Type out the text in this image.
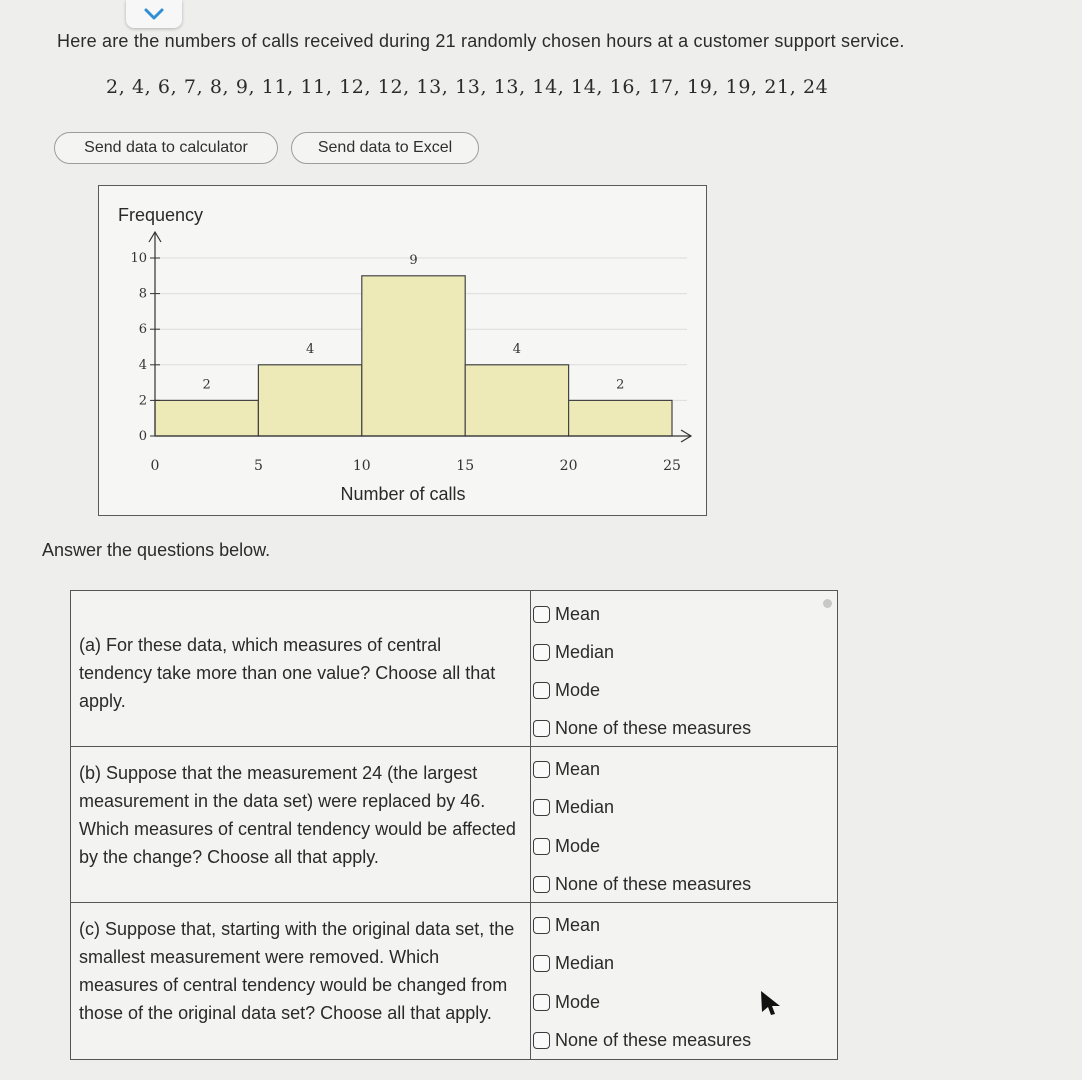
Here are the numbers of calls received during 21 randomly chosen hours at a customer support service.
2, 4, 6, 7, 8, 9, 11, 11, 12, 12, 13, 13, 13, 14, 14, 16, 17, 19, 19, 21, 24
Send data to calculator	Send data to Excel
Frequency
Number of calls
2
4
9
4
2
0
2
4
6
8
10
0	5	10	15	20	25
Answer the questions below.
(a) For these data, which measures of central tendency take more than one value? Choose all that apply.
Mean
Median
Mode
None of these measures
(b) Suppose that the measurement 24 (the largest measurement in the data set) were replaced by 46. Which measures of central tendency would be affected by the change? Choose all that apply.
Mean
Median
Mode
None of these measures
(c) Suppose that, starting with the original data set, the smallest measurement were removed. Which measures of central tendency would be changed from those of the original data set? Choose all that apply.
Mean
Median
Mode
None of these measures
